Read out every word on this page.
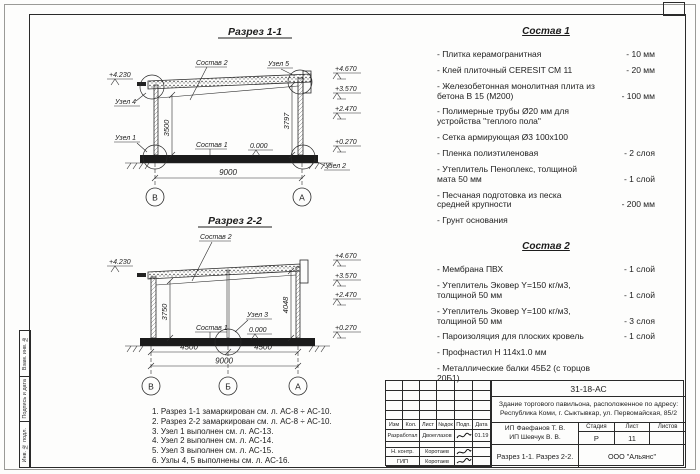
Взам. инв. №
Подпись и дата
Инв. № подл.
Разрез 1-1
3500	3797
9000
В	А
Состав 2	Узел 5
Узел 4
Узел 1
Состав 1
Узел 2
+4.230
+4.670
+3.570
+2.470
+0.270
0.000
Разрез 2-2
3750	4048
4500	4500
9000
В	Б	А
Состав 2
Состав 1
Узел 3
+4.230
+4.670
+3.570
+2.470
+0.270
0.000
Состав 1
- Плитка керамогранитная	- 10 мм
- Клей плиточный CERESIT СМ 11	- 20 мм
- Железобетонная монолитная плита из бетона В 15 (М200)	- 100 мм
- Полимерные трубы Ø20 мм для устройства "теплого пола"
- Сетка армирующая Ø3 100х100
- Пленка полиэтиленовая	- 2 слоя
- Утеплитель Пеноплекс, толщиной мата 50 мм	- 1 слой
- Песчаная подготовка из песка средней крупности	- 200 мм
- Грунт основания
Состав 2
- Мембрана ПВХ	- 1 слой
- Утеплитель Эковер Y=150 кг/м3, толщиной 50 мм	- 1 слой
- Утеплитель Эковер Y=100 кг/м3, толщиной 50 мм	- 3 слоя
- Пароизоляция для плоских кровель	- 1 слой
- Профнастил Н 114х1.0 мм
- Металлические балки 45Б2 (с торцов 20Б1)
1. Разрез 1-1 замаркирован см. л. АС-8 ÷ АС-10.
2. Разрез 2-2 замаркирован см. л. АС-8 ÷ АС-10.
3. Узел 1 выполнен см. л. АС-13.
4. Узел 2 выполнен см. л. АС-14.
5. Узел 3 выполнен см. л. АС-15.
6. Узлы 4, 5 выполнены см. л. АС-16.
Изм	Кол.	Лист №док Подп. Дата
Разработал Двоеглазов	01.19
Н. контр.	Коротаев
ГИП	Коротаев
31-18-АС
Здание торгового павильона, расположенное по адресу: Республика Коми, г. Сыктывкар, ул. Первомайская, 85/2
ИП Фаефанов Т. В.
ИП Шевчук В. В.
Стадия	Лист	Листов
Р	11
Разрез 1-1. Разрез 2-2.	ООО "Альянс"
